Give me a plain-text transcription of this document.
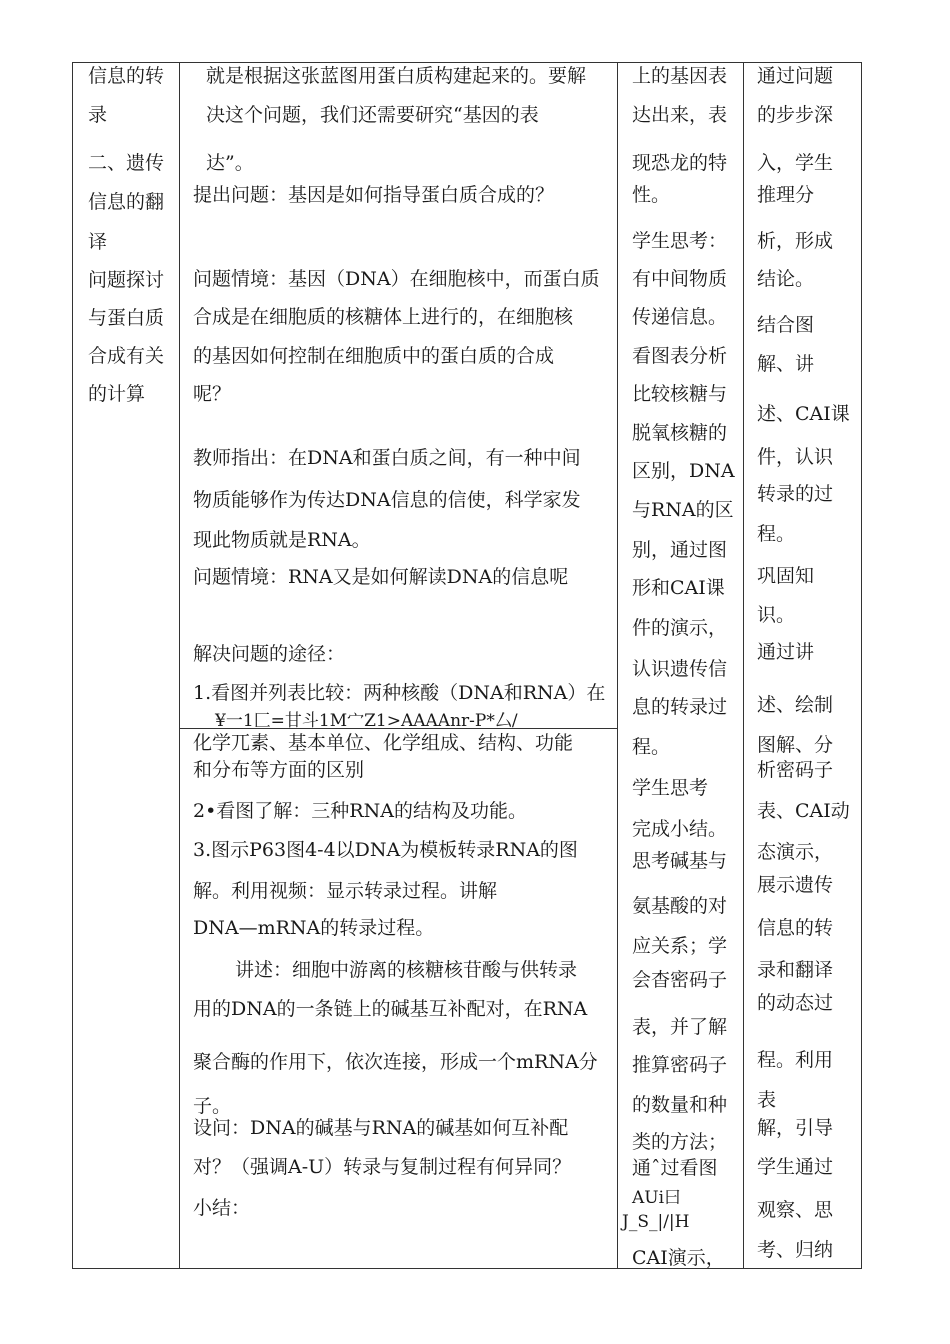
信息的转
录
二、遗传
信息的翻
译
问题探讨
与蛋白质
合成有关
的计算
就是根据这张蓝图用蛋白质构建起来的。要解
决这个问题，我们还需要研究“基因的表
达”。
提出问题：基因是如何指导蛋白质合成的？
问题情境：基因（DNA）在细胞核中，而蛋白质
合成是在细胞质的核糖体上进行的，在细胞核
的基因如何控制在细胞质中的蛋白质的合成
呢？
教师指出：在DNA和蛋白质之间，有一种中间
物质能够作为传达DNA信息的信使，科学家发
现此物质就是RNA。
问题情境：RNA又是如何解读DNA的信息呢
解决问题的途径：
1.看图并列表比较：两种核酸（DNA和RNA）在
¥一1匚=甘斗1M宀Z1>AAAAnr-P*厶/
化学兀素、基本单位、化学组成、结构、功能
和分布等方面的区别
2•看图了解：三种RNA的结构及功能。
3.图示P63图4-4以DNA为模板转录RNA的图
解。利用视频：显示转录过程。讲解
DNA—mRNA的转录过程。
讲述：细胞中游离的核糖核苷酸与供转录
用的DNA的一条链上的碱基互补配对，在RNA
聚合酶的作用下，依次连接，形成一个mRNA分
子。
设问：DNA的碱基与RNA的碱基如何互补配
对？（强调A-U）转录与复制过程有何异同？
小结：
上的基因表
达出来，表
现恐龙的特
性。
学生思考：
有中间物质
传递信息。
看图表分析
比较核糖与
脱氧核糖的
区别，DNA
与RNA的区
别，通过图
形和CAI课
件的演示，
认识遗传信
息的转录过
程。
学生思考
完成小结。
思考碱基与
氨基酸的对
应关系；学
会杳密码子
表，并了解
推算密码子
的数量和种
类的方法；
通ˆ过看图
AUi曰
J_S_|/|H
CAI演示，
通过问题
的步步深
入，学生
推理分
析，形成
结论。
结合图
解、讲
述、CAI课
件，认识
转录的过
程。
巩固知
识。
通过讲
述、绘制
图解、分
析密码子
表、CAI动
态演示，
展示遗传
信息的转
录和翻译
的动态过
程。利用
表
解，引导
学生通过
观察、思
考、归纳
